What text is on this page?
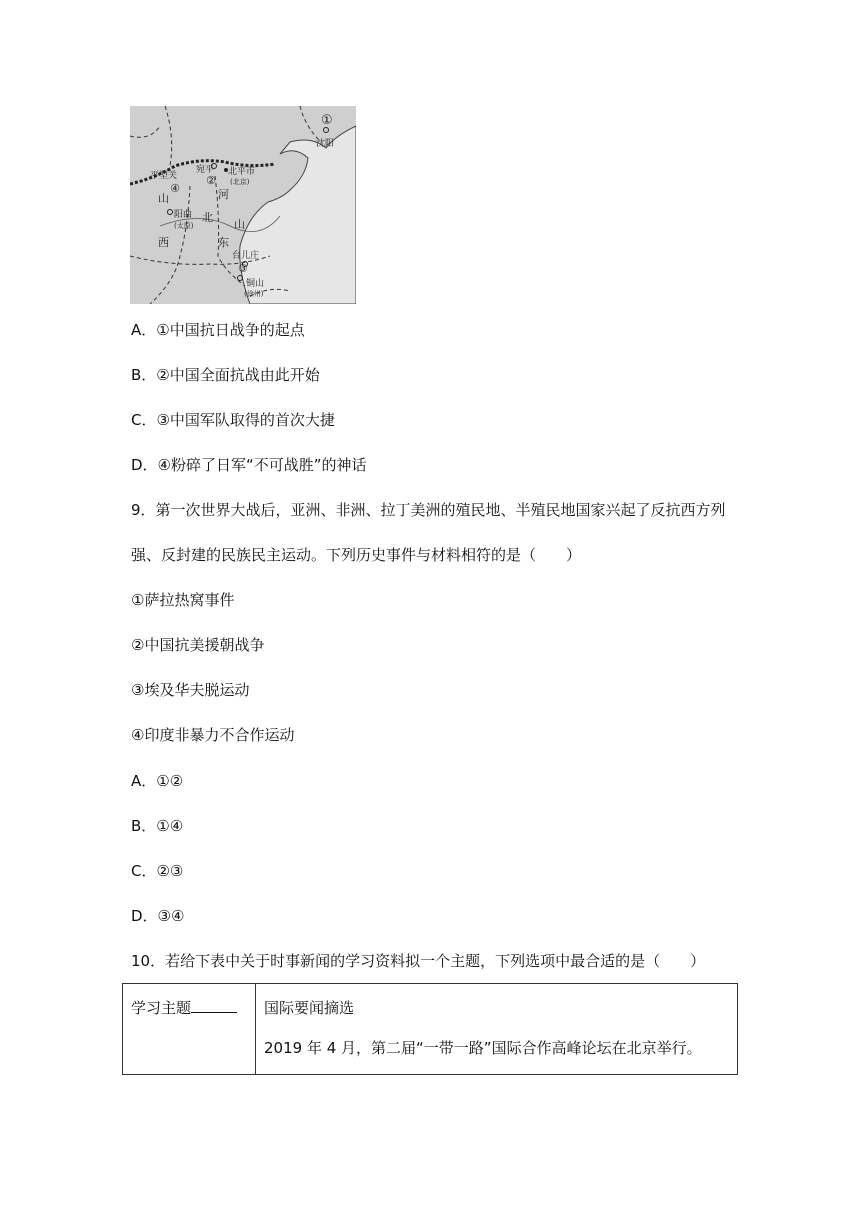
①
沈阳
宛平
②
北平市
(北京)
平型关
④
山	河
北
阳曲
(太原)
西	东
山
台儿庄
③
铜山
(徐州)
A．①中国抗日战争的起点
B．②中国全面抗战由此开始
C．③中国军队取得的首次大捷
D．④粉碎了日军“不可战胜”的神话
9．第一次世界大战后，亚洲、非洲、拉丁美洲的殖民地、半殖民地国家兴起了反抗西方列
强、反封建的民族民主运动。下列历史事件与材料相符的是（　　）
①萨拉热窝事件
②中国抗美援朝战争
③埃及华夫脱运动
④印度非暴力不合作运动
A．①②
B．①④
C．②③
D．③④
10．若给下表中关于时事新闻的学习资料拟一个主题，下列选项中最合适的是（　　）
学习主题	国际要闻摘选
2019 年 4 月，第二届“一带一路”国际合作高峰论坛在北京举行。
